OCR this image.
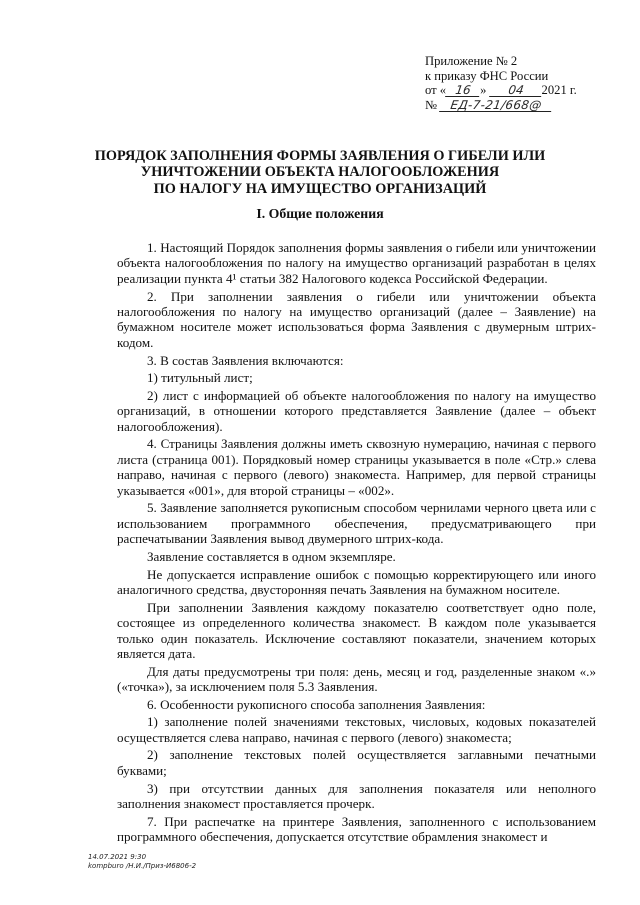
Приложение № 2
к приказу ФНС России
от « 16 » 04 2021 г.
№ ЕД-7-21/668@
ПОРЯДОК ЗАПОЛНЕНИЯ ФОРМЫ ЗАЯВЛЕНИЯ О ГИБЕЛИ ИЛИ
УНИЧТОЖЕНИИ ОБЪЕКТА НАЛОГООБЛОЖЕНИЯ
ПО НАЛОГУ НА ИМУЩЕСТВО ОРГАНИЗАЦИЙ
I. Общие положения

1. Настоящий Порядок заполнения формы заявления о гибели или уничтожении объекта налогообложения по налогу на имущество организаций разработан в целях реализации пункта 4¹ статьи 382 Налогового кодекса Российской Федерации.

2. При заполнении заявления о гибели или уничтожении объекта налогообложения по налогу на имущество организаций (далее – Заявление) на бумажном носителе может использоваться форма Заявления с двумерным штрих-кодом.

3. В состав Заявления включаются:

1) титульный лист;

2) лист с информацией об объекте налогообложения по налогу на имущество организаций, в отношении которого представляется Заявление (далее – объект налогообложения).

4. Страницы Заявления должны иметь сквозную нумерацию, начиная с первого листа (страница 001). Порядковый номер страницы указывается в поле «Стр.» слева направо, начиная с первого (левого) знакоместа. Например, для первой страницы указывается «001», для второй страницы – «002».

5. Заявление заполняется рукописным способом чернилами черного цвета или с использованием программного обеспечения, предусматривающего при распечатывании Заявления вывод двумерного штрих-кода.

Заявление составляется в одном экземпляре.

Не допускается исправление ошибок с помощью корректирующего или иного аналогичного средства, двусторонняя печать Заявления на бумажном носителе.

При заполнении Заявления каждому показателю соответствует одно поле, состоящее из определенного количества знакомест. В каждом поле указывается только один показатель. Исключение составляют показатели, значением которых является дата.

Для даты предусмотрены три поля: день, месяц и год, разделенные знаком «.» («точка»), за исключением поля 5.3 Заявления.

6. Особенности рукописного способа заполнения Заявления:

1) заполнение полей значениями текстовых, числовых, кодовых показателей осуществляется слева направо, начиная с первого (левого) знакоместа;

2) заполнение текстовых полей осуществляется заглавными печатными буквами;

3) при отсутствии данных для заполнения показателя или неполного заполнения знакомест проставляется прочерк.

7. При распечатке на принтере Заявления, заполненного с использованием программного обеспечения, допускается отсутствие обрамления знакомест и

14.07.2021 9:30
kompburo /Н.И./Приз-И6806-2
